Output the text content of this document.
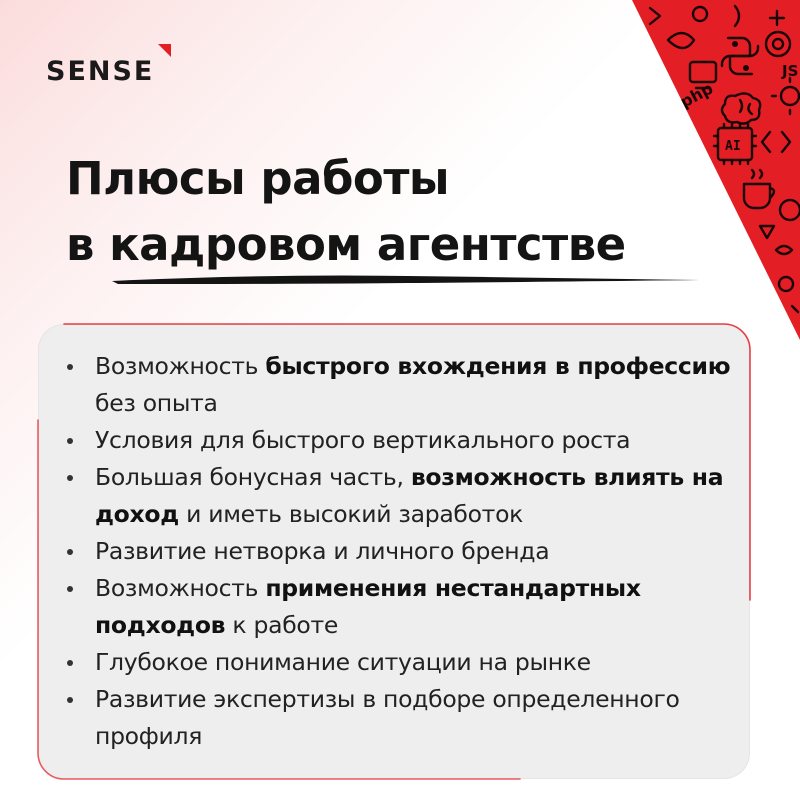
php
AI
JS
SENSE
Плюсы работы
в кадровом агентстве
Возможность быстрого вхождения в профессию без опыта
Условия для быстрого вертикального роста
Большая бонусная часть, возможность влиять на доход и иметь высокий заработок
Развитие нетворка и личного бренда
Возможность применения нестандартных подходов к работе
Глубокое понимание ситуации на рынке
Развитие экспертизы в подборе определенного профиля
